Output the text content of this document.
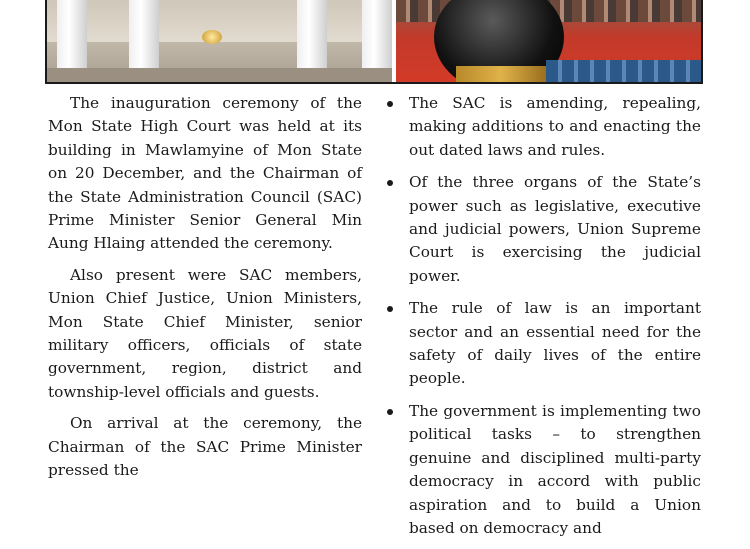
The inauguration ceremony of the Mon State High Court was held at its building in Mawlamyine of Mon State on 20 December, and the Chairman of the State Administration Council (SAC) Prime Minister Senior General Min Aung Hlaing attended the ceremony.

Also present were SAC members, Union Chief Justice, Union Ministers, Mon State Chief Minister, senior military officers, officials of state government, region, district and township-level officials and guests.

On arrival at the ceremony, the Chairman of the SAC Prime Minister pressed the

The SAC is amending, repealing, making additions to and enacting the out dated laws and rules.
Of the three organs of the State’s power such as legislative, executive and judicial powers, Union Supreme Court is exercising the judicial power.
The rule of law is an important sector and an essential need for the safety of daily lives of the entire people.
The government is implementing two political tasks – to strengthen genuine and disciplined multi-party democracy in accord with public aspiration and to build a Union based on democracy and
